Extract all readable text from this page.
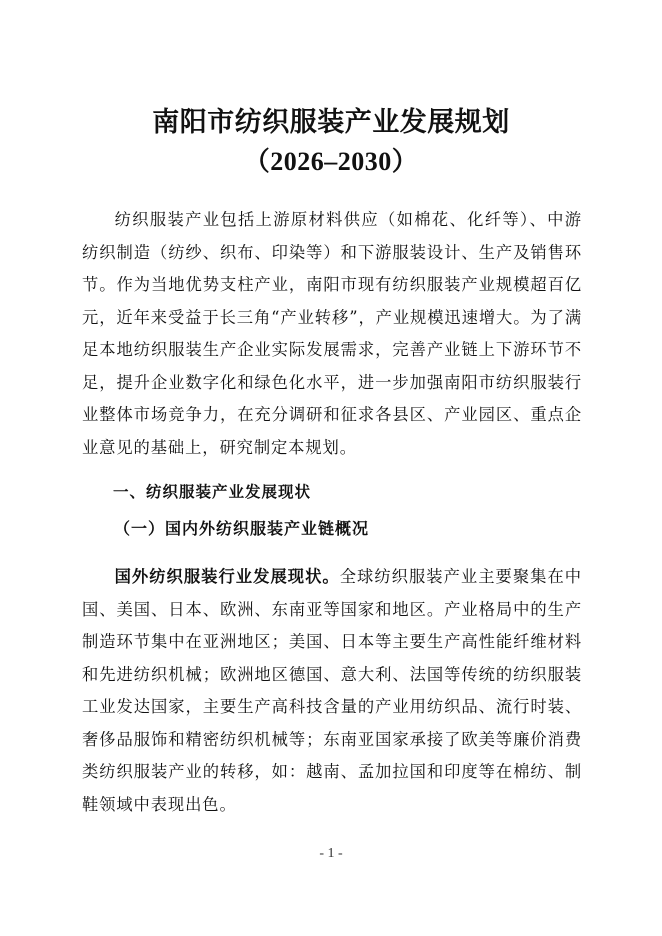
南阳市纺织服装产业发展规划
（2026–2030）

纺织服装产业包括上游原材料供应（如棉花、化纤等）、中游纺织制造（纺纱、织布、印染等）和下游服装设计、生产及销售环节。作为当地优势支柱产业，南阳市现有纺织服装产业规模超百亿元，近年来受益于长三角“产业转移”，产业规模迅速增大。为了满足本地纺织服装生产企业实际发展需求，完善产业链上下游环节不足，提升企业数字化和绿色化水平，进一步加强南阳市纺织服装行业整体市场竞争力，在充分调研和征求各县区、产业园区、重点企业意见的基础上，研究制定本规划。

一、纺织服装产业发展现状
（一）国内外纺织服装产业链概况

国外纺织服装行业发展现状。全球纺织服装产业主要聚集在中国、美国、日本、欧洲、东南亚等国家和地区。产业格局中的生产制造环节集中在亚洲地区；美国、日本等主要生产高性能纤维材料和先进纺织机械；欧洲地区德国、意大利、法国等传统的纺织服装工业发达国家，主要生产高科技含量的产业用纺织品、流行时装、奢侈品服饰和精密纺织机械等；东南亚国家承接了欧美等廉价消费类纺织服装产业的转移，如：越南、孟加拉国和印度等在棉纺、制鞋领域中表现出色。

- 1 -
